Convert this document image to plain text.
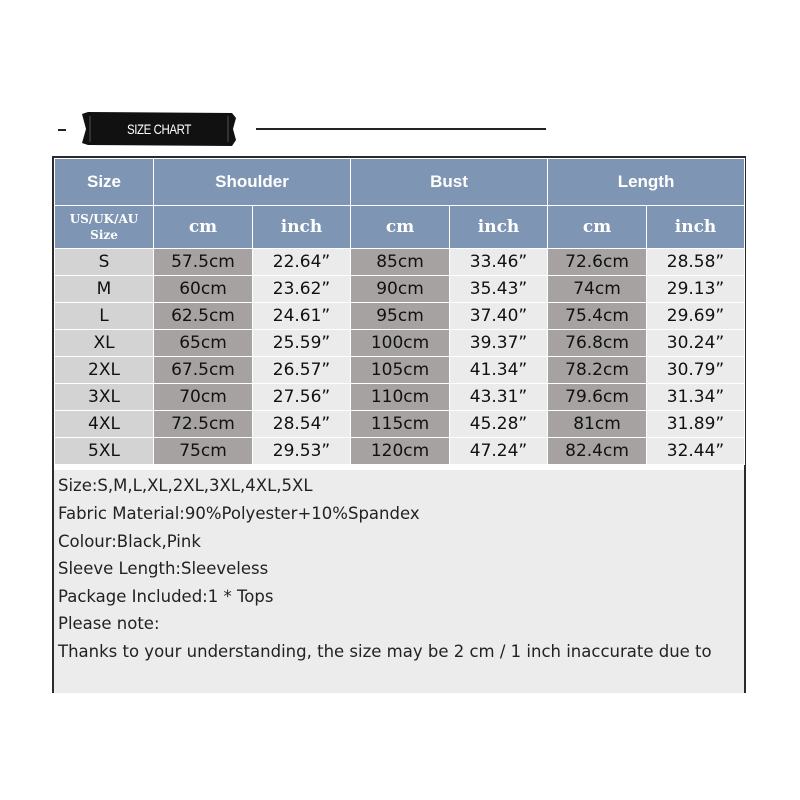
SIZE CHART
Size	Shoulder		Bust		Length	
US/UK/AU
Size	cm	inch	cm	inch	cm	inch
S	57.5cm	22.64”	85cm	33.46”	72.6cm	28.58”
M	60cm	23.62”	90cm	35.43”	74cm	29.13”
L	62.5cm	24.61”	95cm	37.40”	75.4cm	29.69”
XL	65cm	25.59”	100cm	39.37”	76.8cm	30.24”
2XL	67.5cm	26.57”	105cm	41.34”	78.2cm	30.79”
3XL	70cm	27.56”	110cm	43.31”	79.6cm	31.34”
4XL	72.5cm	28.54”	115cm	45.28”	81cm	31.89”
5XL	75cm	29.53”	120cm	47.24”	82.4cm	32.44”
Size:S,M,L,XL,2XL,3XL,4XL,5XL
Fabric Material:90%Polyester+10%Spandex
Colour:Black,Pink
Sleeve Length:Sleeveless
Package Included:1 * Tops
Please note:
Thanks to your understanding, the size may be 2 cm / 1 inch inaccurate due to
